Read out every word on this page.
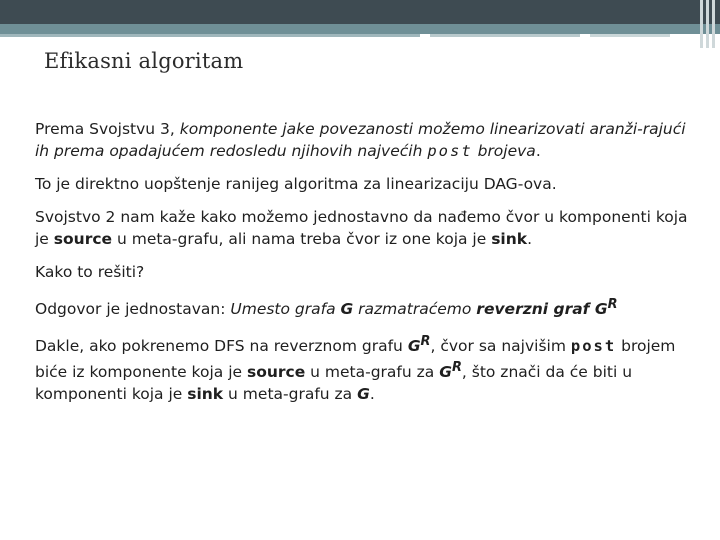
Efikasni algoritam

Prema Svojstvu 3, komponente jake povezanosti možemo linearizovati aranži-rajući ih prema opadajućem redosledu njihovih najvećih post brojeva.

To je direktno uopštenje ranijeg algoritma za linearizaciju DAG-ova.

Svojstvo 2 nam kaže kako možemo jednostavno da nađemo čvor u komponenti koja je source u meta-grafu, ali nama treba čvor iz one koja je sink.

Kako to rešiti?

Odgovor je jednostavan: Umesto grafa G razmatraćemo reverzni graf $G^R$

Dakle, ako pokrenemo DFS na reverznom grafu $G^R$, čvor sa najvišim post brojem biće iz komponente koja je source u meta-grafu za $G^R$, što znači da će biti u komponenti koja je sink u meta-grafu za G.
